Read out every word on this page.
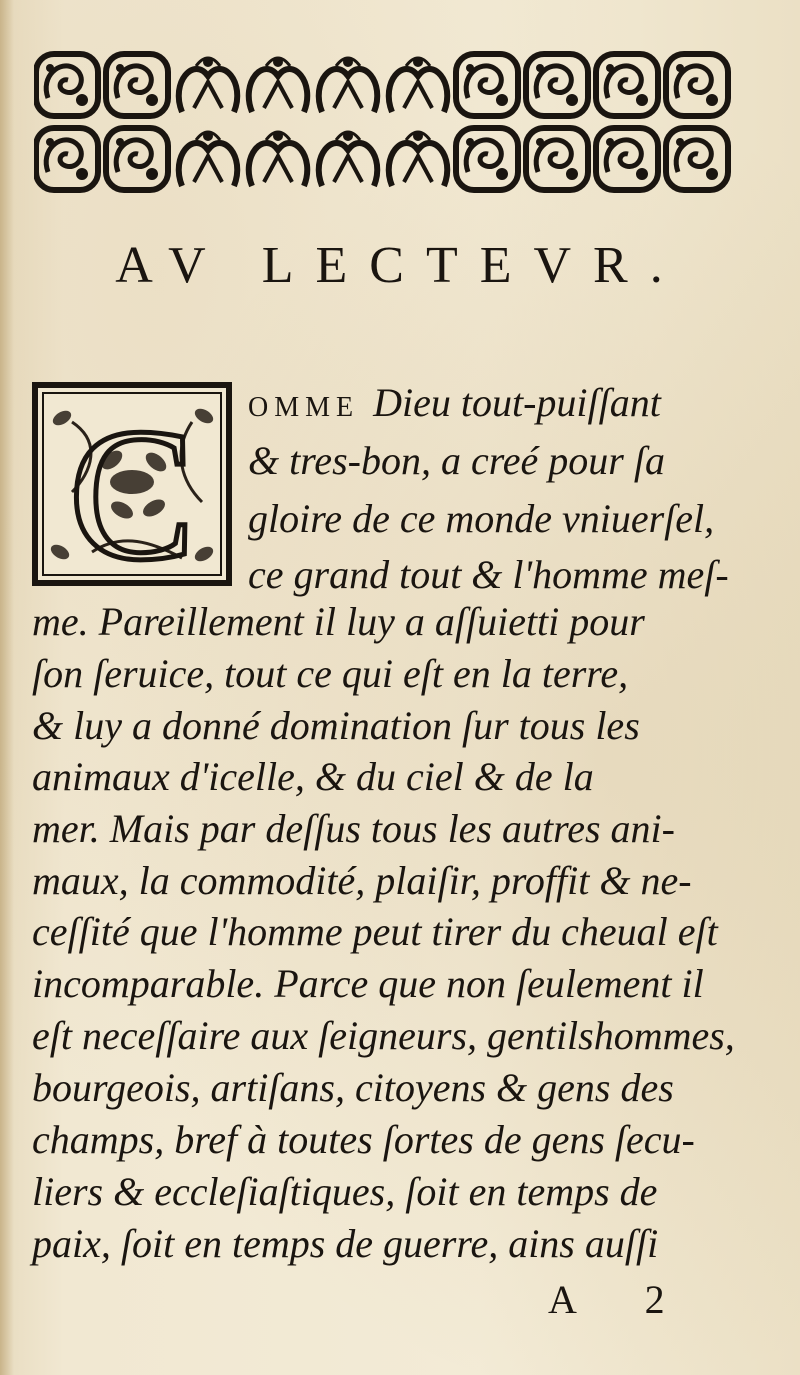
AV LECTEVR.
C OMME Dieu tout-puiſſant
& tres-bon, a creé pour ſa
gloire de ce monde vniuerſel,
ce grand tout & l'homme meſ-
me. Pareillement il luy a aſſuietti pour
ſon ſeruice, tout ce qui eſt en la terre,
& luy a donné domination ſur tous les
animaux d'icelle, & du ciel & de la
mer. Mais par deſſus tous les autres ani-
maux, la commodité, plaiſir, proffit & ne-
ceſſité que l'homme peut tirer du cheual eſt
incomparable. Parce que non ſeulement il
eſt neceſſaire aux ſeigneurs, gentilshommes,
bourgeois, artiſans, citoyens & gens des
champs, bref à toutes ſortes de gens ſecu-
liers & eccleſiaſtiques, ſoit en temps de
paix, ſoit en temps de guerre, ains auſſi
A 2
